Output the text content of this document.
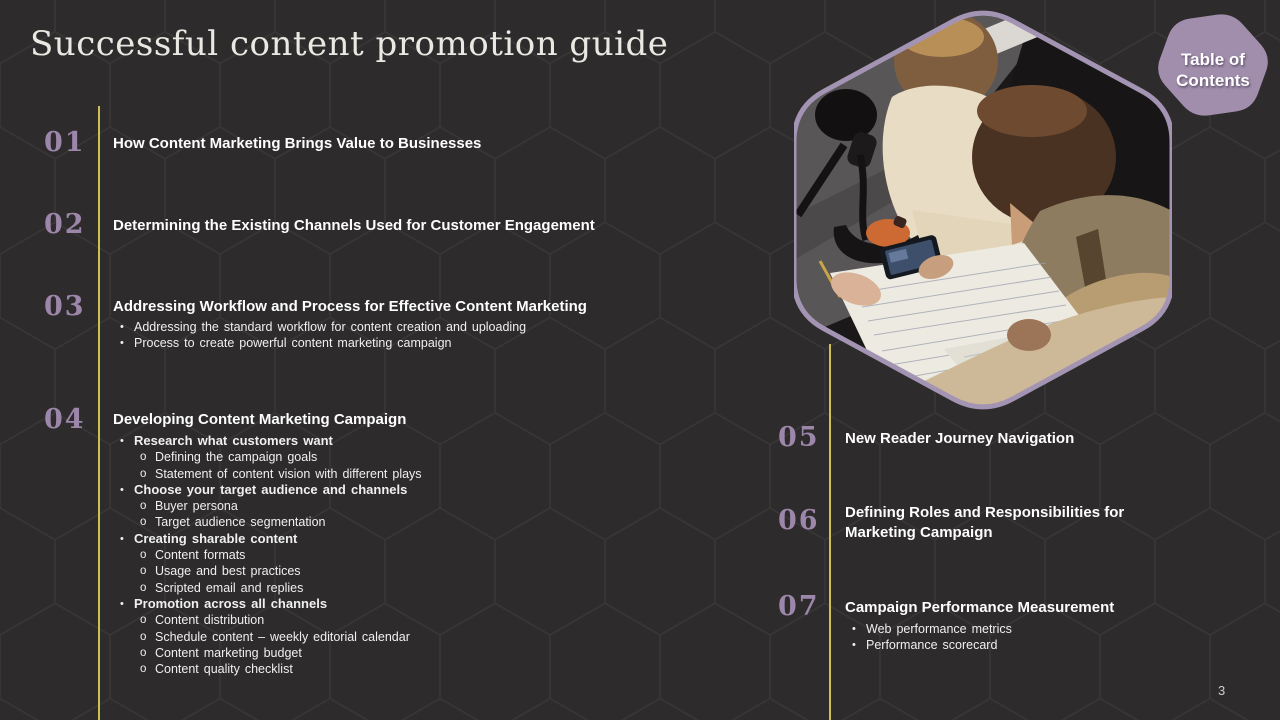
Successful content promotion guide
01 How Content Marketing Brings Value to Businesses
02 Determining the Existing Channels Used for Customer Engagement
03 Addressing Workflow and Process for Effective Content Marketing
• Addressing the standard workflow for content creation and uploading
• Process to create powerful content marketing campaign
04 Developing Content Marketing Campaign
• Research what customers want
o Defining the campaign goals
o Statement of content vision with different plays
• Choose your target audience and channels
o Buyer persona
o Target audience segmentation
• Creating sharable content
o Content formats
o Usage and best practices
o Scripted email and replies
• Promotion across all channels
o Content distribution
o Schedule content – weekly editorial calendar
o Content marketing budget
o Content quality checklist
05 New Reader Journey Navigation
06 Defining Roles and Responsibilities for Marketing Campaign
07 Campaign Performance Measurement
• Web performance metrics
• Performance scorecard
Table of
Contents
3
